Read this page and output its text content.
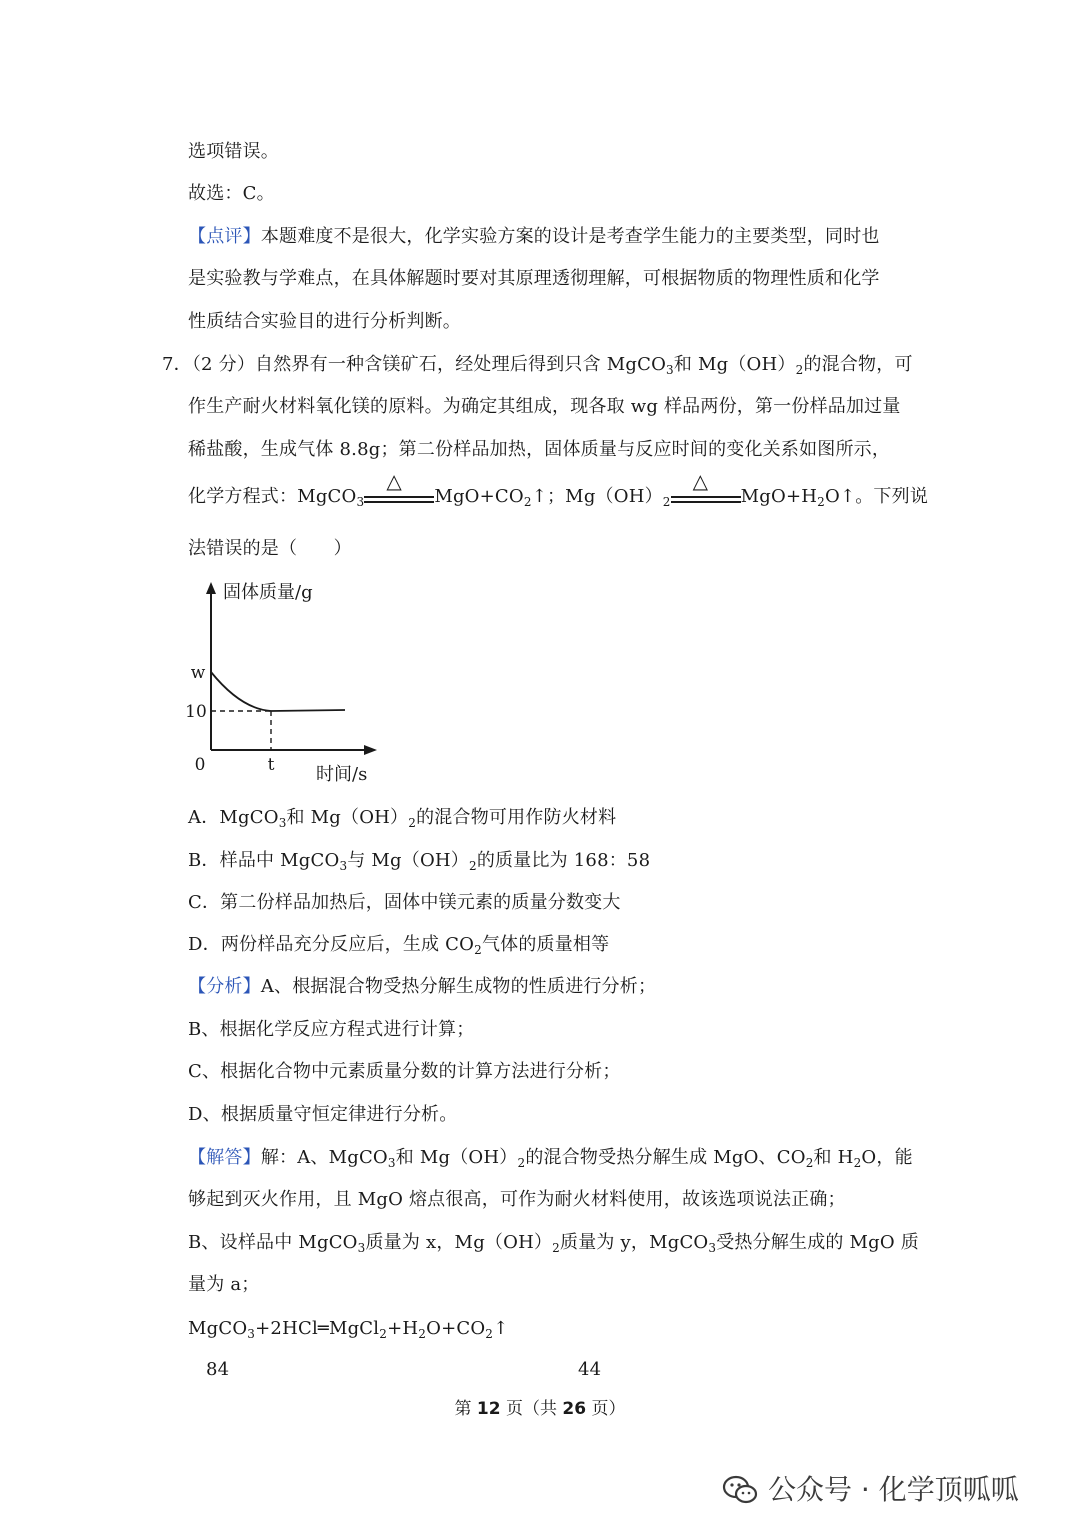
选项错误。
故选：C。
【点评】本题难度不是很大，化学实验方案的设计是考查学生能力的主要类型，同时也
是实验教与学难点，在具体解题时要对其原理透彻理解，可根据物质的物理性质和化学
性质结合实验目的进行分析判断。
7．（2 分）自然界有一种含镁矿石，经处理后得到只含 MgCO$_3$和 $Mg(OH)_2$的混合物，可
作生产耐火材料氧化镁的原料。为确定其组成，现各取 wg 样品两份，第一份样品加过量
稀盐酸，生成气体 8.8g；第二份样品加热，固体质量与反应时间的变化关系如图所示，
化学方程式：MgCO$_3$
△
$MgO+CO_2↑$；$Mg(OH)_2$
△
$MgO+H_2O↑$。下列说
法错误的是（　　）
固体质量/g
时间/s
0
w
10
t
A．MgCO$_3$和 $Mg(OH)_2$的混合物可用作防火材料
B．样品中 MgCO$_3$与 $Mg(OH)_2$的质量比为 168：58
C．第二份样品加热后，固体中镁元素的质量分数变大
D．两份样品充分反应后，生成 $CO_2$气体的质量相等
【分析】A、根据混合物受热分解生成物的性质进行分析；
B、根据化学反应方程式进行计算；
C、根据化合物中元素质量分数的计算方法进行分析；
D、根据质量守恒定律进行分析。
【解答】解：A、MgCO$_3$和 $Mg(OH)_2$的混合物受热分解生成 MgO、$CO_2$和 $H_2O$，能
够起到灭火作用，且 MgO 熔点很高，可作为耐火材料使用，故该选项说法正确；
B、设样品中 MgCO$_3$质量为 x，$Mg(OH)_2$质量为 y，MgCO$_3$受热分解生成的 MgO 质
量为 a；
$MgCO_3+2HCl═MgCl_2+H_2O+CO_2↑$
84	44
第 12 页（共 26 页）
公众号 · 化学顶呱呱
